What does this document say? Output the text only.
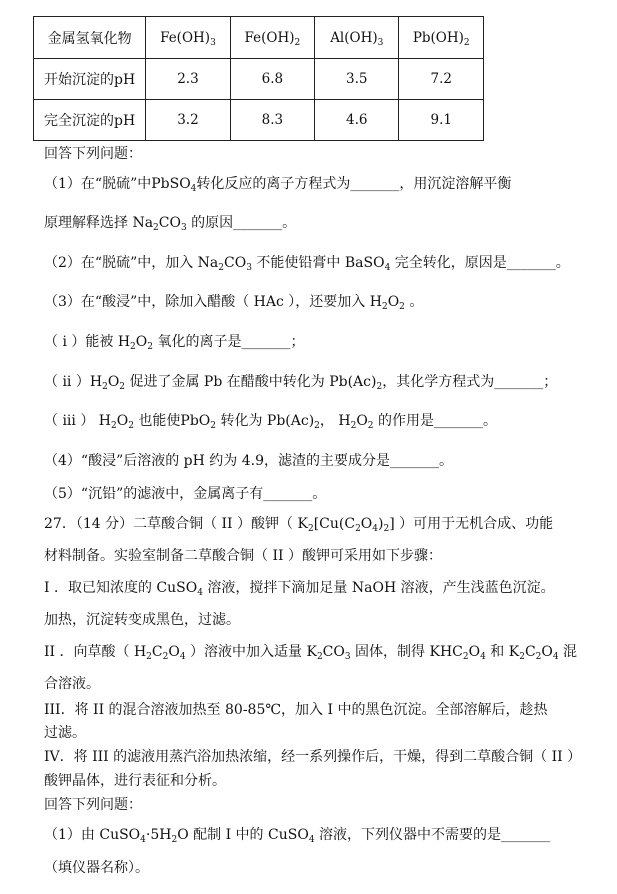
金属氢氧化物	$Fe(OH)_3$	$Fe(OH)_2$	$Al(OH)_3$	$Pb(OH)_2$
开始沉淀的pH	2.3	6.8	3.5	7.2
完全沉淀的pH	3.2	8.3	4.6	9.1
回答下列问题：
（1）在“脱硫”中PbSO$_4$转化反应的离子方程式为_______，用沉淀溶解平衡
原理解释选择 $Na_2CO_3$ 的原因_______。
（2）在“脱硫”中，加入 $Na_2CO_3$ 不能使铅膏中 BaSO$_4$ 完全转化，原因是_______。
（3）在“酸浸”中，除加入醋酸（ HAc ），还要加入 $H_2O_2$ 。
（ i ）能被 $H_2O_2$ 氧化的离子是_______；
（ ii ）$H_2O_2$ 促进了金属 Pb 在醋酸中转化为 $Pb(Ac)_2$，其化学方程式为_______；
（ iii ） $H_2O_2$ 也能使PbO$_2$ 转化为 $Pb(Ac)_2$， $H_2O_2$ 的作用是_______。
（4）“酸浸”后溶液的 pH 约为 4.9，滤渣的主要成分是_______。
（5）“沉铅”的滤液中，金属离子有_______。
27．（14 分）二草酸合铜（ II ）酸钾（ $K_2[Cu(C_2O_4)_2]$ ）可用于无机合成、功能
材料制备。实验室制备二草酸合铜（ II ）酸钾可采用如下步骤：
I ．取已知浓度的 CuSO$_4$ 溶液，搅拌下滴加足量 NaOH 溶液，产生浅蓝色沉淀。
加热，沉淀转变成黑色，过滤。
II ．向草酸（ $H_2C_2O_4$ ）溶液中加入适量 $K_2CO_3$ 固体，制得 $KHC_2O_4$ 和 $K_2C_2O_4$ 混
合溶液。
III．将 II 的混合溶液加热至 80-85℃，加入 I 中的黑色沉淀。全部溶解后，趁热
过滤。
IV．将 III 的滤液用蒸汽浴加热浓缩，经一系列操作后，干燥，得到二草酸合铜（ II ）
酸钾晶体，进行表征和分析。
回答下列问题：
（1）由 $CuSO_4\cdot 5H_2O$ 配制 I 中的 CuSO$_4$ 溶液，下列仪器中不需要的是_______
（填仪器名称）。
